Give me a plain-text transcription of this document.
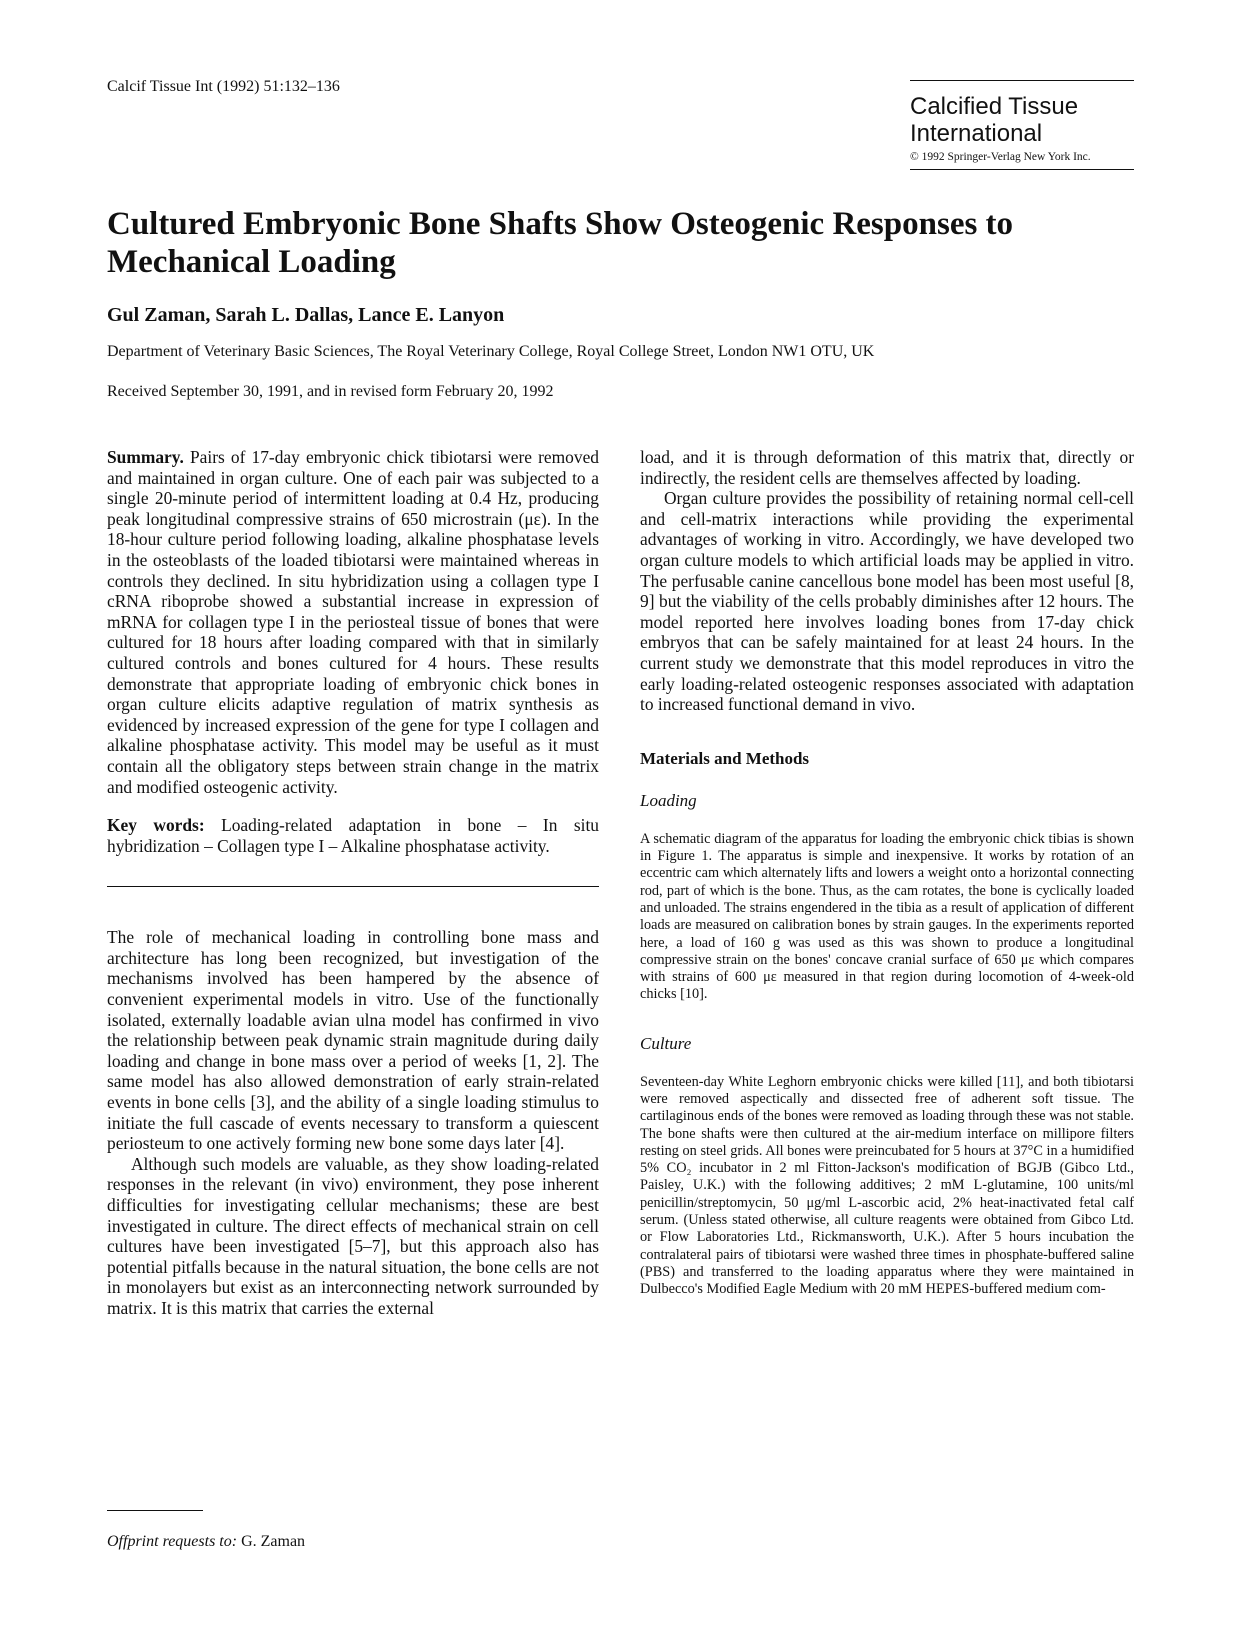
Calcif Tissue Int (1992) 51:132–136
Calcified Tissue
International
© 1992 Springer-Verlag New York Inc.
Cultured Embryonic Bone Shafts Show Osteogenic Responses to Mechanical Loading
Gul Zaman, Sarah L. Dallas, Lance E. Lanyon
Department of Veterinary Basic Sciences, The Royal Veterinary College, Royal College Street, London NW1 OTU, UK
Received September 30, 1991, and in revised form February 20, 1992

Summary. Pairs of 17-day embryonic chick tibiotarsi were removed and maintained in organ culture. One of each pair was subjected to a single 20-minute period of intermittent loading at 0.4 Hz, producing peak longitudinal compressive strains of 650 microstrain (με). In the 18-hour culture period following loading, alkaline phosphatase levels in the osteoblasts of the loaded tibiotarsi were maintained whereas in controls they declined. In situ hybridization using a collagen type I cRNA riboprobe showed a substantial increase in expression of mRNA for collagen type I in the periosteal tissue of bones that were cultured for 18 hours after loading compared with that in similarly cultured controls and bones cultured for 4 hours. These results demonstrate that appropriate loading of embryonic chick bones in organ culture elicits adaptive regulation of matrix synthesis as evidenced by increased expression of the gene for type I collagen and alkaline phosphatase activity. This model may be useful as it must contain all the obligatory steps between strain change in the matrix and modified osteogenic activity.

Key words: Loading-related adaptation in bone – In situ hybridization – Collagen type I – Alkaline phosphatase activity.

The role of mechanical loading in controlling bone mass and architecture has long been recognized, but investigation of the mechanisms involved has been hampered by the absence of convenient experimental models in vitro. Use of the functionally isolated, externally loadable avian ulna model has confirmed in vivo the relationship between peak dynamic strain magnitude during daily loading and change in bone mass over a period of weeks [1, 2]. The same model has also allowed demonstration of early strain-related events in bone cells [3], and the ability of a single loading stimulus to initiate the full cascade of events necessary to transform a quiescent periosteum to one actively forming new bone some days later [4].

Although such models are valuable, as they show loading-related responses in the relevant (in vivo) environment, they pose inherent difficulties for investigating cellular mechanisms; these are best investigated in culture. The direct effects of mechanical strain on cell cultures have been investigated [5–7], but this approach also has potential pitfalls because in the natural situation, the bone cells are not in monolayers but exist as an interconnecting network surrounded by matrix. It is this matrix that carries the external

load, and it is through deformation of this matrix that, directly or indirectly, the resident cells are themselves affected by loading.

Organ culture provides the possibility of retaining normal cell-cell and cell-matrix interactions while providing the experimental advantages of working in vitro. Accordingly, we have developed two organ culture models to which artificial loads may be applied in vitro. The perfusable canine cancellous bone model has been most useful [8, 9] but the viability of the cells probably diminishes after 12 hours. The model reported here involves loading bones from 17-day chick embryos that can be safely maintained for at least 24 hours. In the current study we demonstrate that this model reproduces in vitro the early loading-related osteogenic responses associated with adaptation to increased functional demand in vivo.

Materials and Methods

Loading

A schematic diagram of the apparatus for loading the embryonic chick tibias is shown in Figure 1. The apparatus is simple and inexpensive. It works by rotation of an eccentric cam which alternately lifts and lowers a weight onto a horizontal connecting rod, part of which is the bone. Thus, as the cam rotates, the bone is cyclically loaded and unloaded. The strains engendered in the tibia as a result of application of different loads are measured on calibration bones by strain gauges. In the experiments reported here, a load of 160 g was used as this was shown to produce a longitudinal compressive strain on the bones' concave cranial surface of 650 με which compares with strains of 600 με measured in that region during locomotion of 4-week-old chicks [10].

Culture

Seventeen-day White Leghorn embryonic chicks were killed [11], and both tibiotarsi were removed aspectically and dissected free of adherent soft tissue. The cartilaginous ends of the bones were removed as loading through these was not stable. The bone shafts were then cultured at the air-medium interface on millipore filters resting on steel grids. All bones were preincubated for 5 hours at 37°C in a humidified 5% CO₂ incubator in 2 ml Fitton-Jackson's modification of BGJB (Gibco Ltd., Paisley, U.K.) with the following additives; 2 mM L-glutamine, 100 units/ml penicillin/streptomycin, 50 μg/ml L-ascorbic acid, 2% heat-inactivated fetal calf serum. (Unless stated otherwise, all culture reagents were obtained from Gibco Ltd. or Flow Laboratories Ltd., Rickmansworth, U.K.). After 5 hours incubation the contralateral pairs of tibiotarsi were washed three times in phosphate-buffered saline (PBS) and transferred to the loading apparatus where they were maintained in Dulbecco's Modified Eagle Medium with 20 mM HEPES-buffered medium com-

Offprint requests to: G. Zaman
